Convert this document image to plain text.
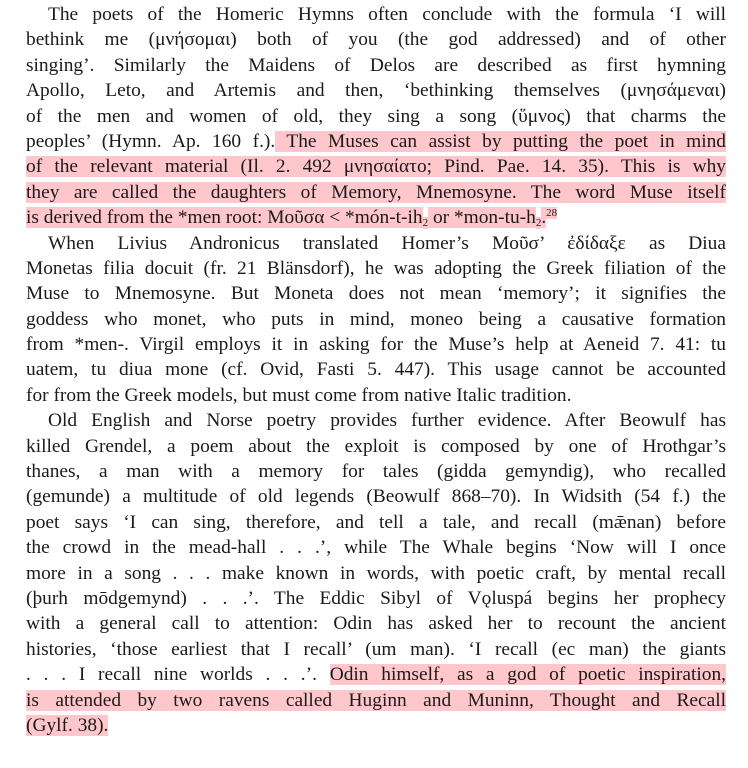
The poets of the Homeric Hymns often conclude with the formula ‘I will
bethink me (μνήσομαι) both of you (the god addressed) and of other
singing’. Similarly the Maidens of Delos are described as first hymning
Apollo, Leto, and Artemis and then, ‘bethinking themselves (μνησάμεναι)
of the men and women of old, they sing a song (ὕμνος) that charms the
peoples’ (Hymn. Ap. 160 f.). The Muses can assist by putting the poet in mind
of the relevant material (Il. 2. 492 μνησαίατο; Pind. Pae. 14. 35). This is why
they are called the daughters of Memory, Mnemosyne. The word Muse itself
is derived from the *men root: Μοῦσα < $*món-t-ih_2$ or $*mon-tu-h_2.^{28}$
When Livius Andronicus translated Homer’s Μοῦσ’ ἐδίδαξε as Diua
Monetas filia docuit (fr. 21 Blänsdorf), he was adopting the Greek filiation of the
Muse to Mnemosyne. But Moneta does not mean ‘memory’; it signifies the
goddess who monet, who puts in mind, moneo being a causative formation
from *men-. Virgil employs it in asking for the Muse’s help at Aeneid 7. 41: tu
uatem, tu diua mone (cf. Ovid, Fasti 5. 447). This usage cannot be accounted
for from the Greek models, but must come from native Italic tradition.
Old English and Norse poetry provides further evidence. After Beowulf has
killed Grendel, a poem about the exploit is composed by one of Hrothgar’s
thanes, a man with a memory for tales (gidda gemyndig), who recalled
(gemunde) a multitude of old legends (Beowulf 868–70). In Widsith (54 f.) the
poet says ‘I can sing, therefore, and tell a tale, and recall (mǣnan) before
the crowd in the mead-hall . . .’, while The Whale begins ‘Now will I once
more in a song . . . make known in words, with poetic craft, by mental recall
(þurh mōdgemynd) . . .’. The Eddic Sibyl of Vǫluspá begins her prophecy
with a general call to attention: Odin has asked her to recount the ancient
histories, ‘those earliest that I recall’ (um man). ‘I recall (ec man) the giants
. . . I recall nine worlds . . .’. Odin himself, as a god of poetic inspiration,
is attended by two ravens called Huginn and Muninn, Thought and Recall
(Gylf. 38).
